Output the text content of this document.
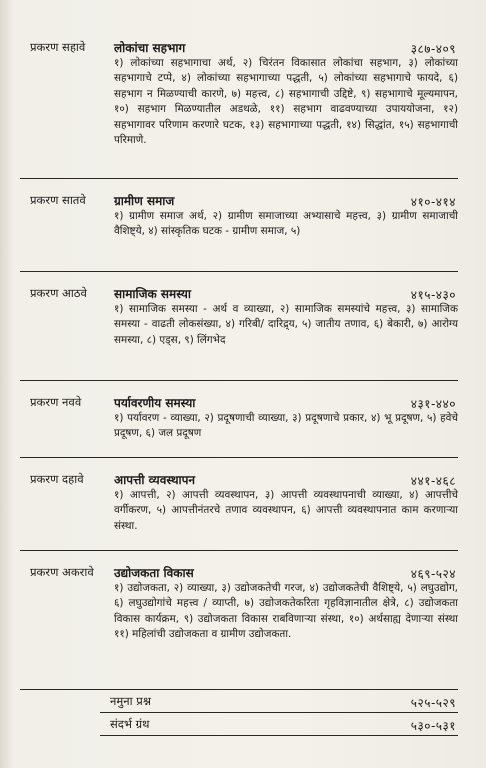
प्रकरण सहावे लोकांचा सहभाग	३८७-४०९
१) लोकांच्या सहभागाचा अर्थ, २) चिरंतन विकासात लोकांचा सहभाग, ३) लोकांच्या सहभागाचे टप्पे, ४) लोकांच्या सहभागाच्या पद्धती, ५) लोकांच्या सहभागाचे फायदे, ६) सहभाग न मिळण्याची कारणे, ७) महत्त्व, ८) सहभागाची उद्दिष्टे, ९) सहभागाचे मूल्यमापन, १०) सहभाग मिळण्यातील अडथळे, ११) सहभाग वाढवण्याच्या उपाययोजना, १२) सहभागावर परिणाम करणारे घटक, १३) सहभागाच्या पद्धती, १४) सिद्धांत, १५) सहभागाची परिमाणे.
प्रकरण सातवे ग्रामीण समाज	४१०-४१४
१) ग्रामीण समाज अर्थ, २) ग्रामीण समाजाच्या अभ्यासाचे महत्त्व, ३) ग्रामीण समाजाची वैशिष्ट्ये, ४) सांस्कृतिक घटक - ग्रामीण समाज, ५)
प्रकरण आठवे सामाजिक समस्या	४१५-४३०
१) सामाजिक समस्या - अर्थ व व्याख्या, २) सामाजिक समस्यांचे महत्त्व, ३) सामाजिक समस्या - वाढती लोकसंख्या, ४) गरिबी/ दारिद्र्य, ५) जातीय तणाव, ६) बेकारी, ७) आरोग्य समस्या, ८) एड्स, ९) लिंगभेद
प्रकरण नववे	पर्यावरणीय समस्या	४३१-४४०
१) पर्यावरण - व्याख्या, २) प्रदूषणाची व्याख्या, ३) प्रदूषणाचे प्रकार, ४) भू प्रदूषण, ५) हवेचे प्रदूषण, ६) जल प्रदूषण
प्रकरण दहावे	आपत्ती व्यवस्थापन	४४१-४६८
१) आपत्ती, २) आपत्ती व्यवस्थापन, ३) आपत्ती व्यवस्थापनाची व्याख्या, ४) आपत्तीचे वर्गीकरण, ५) आपत्तीनंतरचे तणाव व्यवस्थापन, ६) आपत्ती व्यवस्थापनात काम करणाऱ्या संस्था.
प्रकरण अकरावे उद्योजकता विकास	४६९-५२४
१) उद्योजकता, २) व्याख्या, ३) उद्योजकतेची गरज, ४) उद्योजकतेची वैशिष्ट्ये, ५) लघुउद्योग, ६) लघुउद्योगांचे महत्त्व / व्याप्ती, ७) उद्योजकतेकरिता गृहविज्ञानातील क्षेत्रे, ८) उद्योजकता विकास कार्यक्रम, ९) उद्योजकता विकास राबविणाऱ्या संस्था, १०) अर्थसाह्य देणाऱ्या संस्था ११) महिलांची उद्योजकता व ग्रामीण उद्योजकता.
नमुना प्रश्न	५२५-५२९
संदर्भ ग्रंथ	५३०-५३१
